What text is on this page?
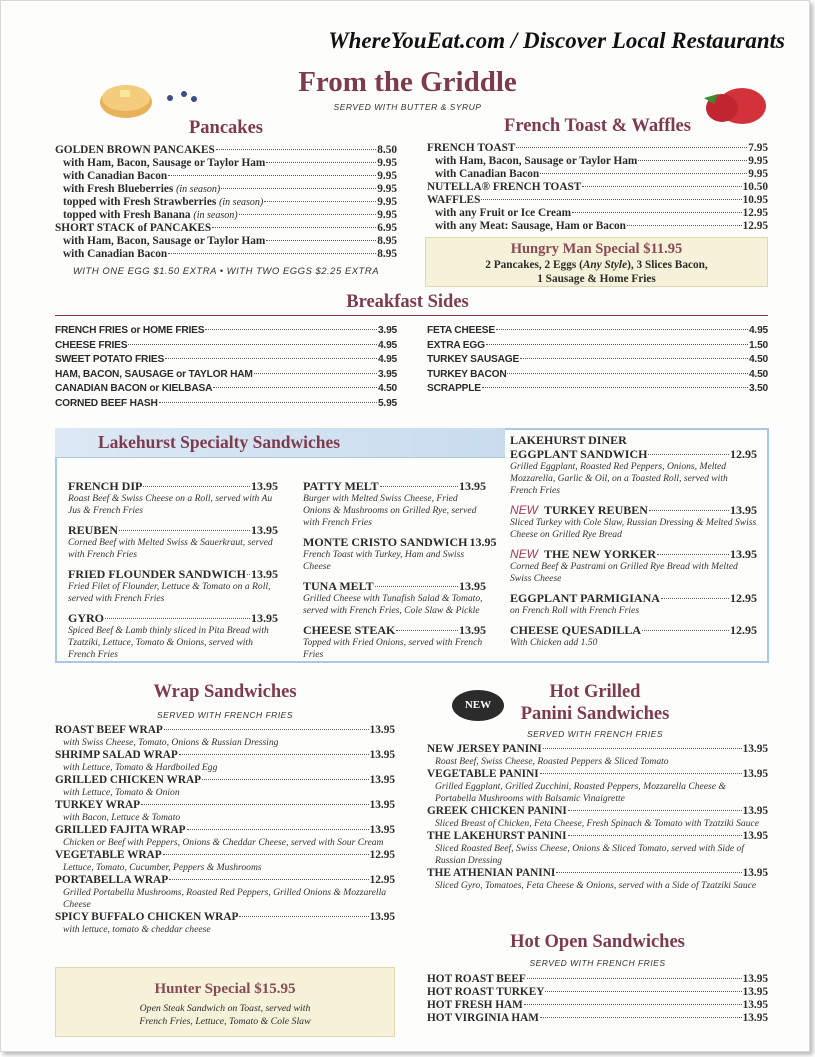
WhereYouEat.com / Discover Local Restaurants
From the Griddle
SERVED WITH BUTTER & SYRUP
Pancakes
GOLDEN BROWN PANCAKES	8.50
with Ham, Bacon, Sausage or Taylor Ham	9.95
with Canadian Bacon	9.95
with Fresh Blueberries (in season)	9.95
topped with Fresh Strawberries (in season)	9.95
topped with Fresh Banana (in season)	9.95
SHORT STACK of PANCAKES	6.95
with Ham, Bacon, Sausage or Taylor Ham	8.95
with Canadian Bacon	8.95
WITH ONE EGG $1.50 EXTRA • WITH TWO EGGS $2.25 EXTRA
French Toast & Waffles
FRENCH TOAST	7.95
with Ham, Bacon, Sausage or Taylor Ham	9.95
with Canadian Bacon	9.95
NUTELLA® FRENCH TOAST	10.50
WAFFLES	10.95
with any Fruit or Ice Cream	12.95
with any Meat: Sausage, Ham or Bacon	12.95
Hungry Man Special $11.95
2 Pancakes, 2 Eggs (Any Style), 3 Slices Bacon,
1 Sausage & Home Fries
Breakfast Sides
FRENCH FRIES or HOME FRIES	3.95
CHEESE FRIES	4.95
SWEET POTATO FRIES	4.95
HAM, BACON, SAUSAGE or TAYLOR HAM	3.95
CANADIAN BACON or KIELBASA	4.50
CORNED BEEF HASH	5.95
FETA CHEESE	4.95
EXTRA EGG	1.50
TURKEY SAUSAGE	4.50
TURKEY BACON	4.50
SCRAPPLE	3.50
Lakehurst Specialty Sandwiches
FRENCH DIP	13.95
Roast Beef & Swiss Cheese on a Roll, served with Au Jus & French Fries
REUBEN	13.95
Corned Beef with Melted Swiss & Sauerkraut, served with French Fries
FRIED FLOUNDER SANDWICH 13.95
Fried Filet of Flounder, Lettuce & Tomato on a Roll, served with French Fries
GYRO	13.95
Spiced Beef & Lamb thinly sliced in Pita Bread with Tzatziki, Lettuce, Tomato & Onions, served with French Fries
PATTY MELT	13.95
Burger with Melted Swiss Cheese, Fried Onions & Mushrooms on Grilled Rye, served with French Fries
MONTE CRISTO SANDWICH 13.95
French Toast with Turkey, Ham and Swiss Cheese
TUNA MELT	13.95
Grilled Cheese with Tunafish Salad & Tomato, served with French Fries, Cole Slaw & Pickle
CHEESE STEAK	13.95
Topped with Fried Onions, served with French Fries
LAKEHURST DINER
EGGPLANT SANDWICH	12.95
Grilled Eggplant, Roasted Red Peppers, Onions, Melted Mozzarella, Garlic & Oil, on a Toasted Roll, served with French Fries
NEW TURKEY REUBEN	13.95
Sliced Turkey with Cole Slaw, Russian Dressing & Melted Swiss Cheese on Grilled Rye Bread
NEW THE NEW YORKER	13.95
Corned Beef & Pastrami on Grilled Rye Bread with Melted Swiss Cheese
EGGPLANT PARMIGIANA	12.95
on French Roll with French Fries
CHEESE QUESADILLA	12.95
With Chicken add 1.50
Wrap Sandwiches
SERVED WITH FRENCH FRIES
ROAST BEEF WRAP	13.95
with Swiss Cheese, Tomato, Onions & Russian Dressing
SHRIMP SALAD WRAP	13.95
with Lettuce, Tomato & Hardboiled Egg
GRILLED CHICKEN WRAP	13.95
with Lettuce, Tomato & Onion
TURKEY WRAP	13.95
with Bacon, Lettuce & Tomato
GRILLED FAJITA WRAP	13.95
Chicken or Beef with Peppers, Onions & Cheddar Cheese, served with Sour Cream
VEGETABLE WRAP	12.95
Lettuce, Tomato, Cucumber, Peppers & Mushrooms
PORTABELLA WRAP	12.95
Grilled Portabella Mushrooms, Roasted Red Peppers, Grilled Onions & Mozzarella Cheese
SPICY BUFFALO CHICKEN WRAP	13.95
with lettuce, tomato & cheddar cheese
Hunter Special $15.95
Open Steak Sandwich on Toast, served with
French Fries, Lettuce, Tomato & Cole Slaw
NEW
Hot Grilled
Panini Sandwiches
SERVED WITH FRENCH FRIES
NEW JERSEY PANINI	13.95
Roast Beef, Swiss Cheese, Roasted Peppers & Sliced Tomato
VEGETABLE PANINI	13.95
Grilled Eggplant, Grilled Zucchini, Roasted Peppers, Mozzarella Cheese & Portabella Mushrooms with Balsamic Vinaigrette
GREEK CHICKEN PANINI	13.95
Sliced Breast of Chicken, Feta Cheese, Fresh Spinach & Tomato with Tzatziki Sauce
THE LAKEHURST PANINI	13.95
Sliced Roasted Beef, Swiss Cheese, Onions & Sliced Tomato, served with Side of Russian Dressing
THE ATHENIAN PANINI	13.95
Sliced Gyro, Tomatoes, Feta Cheese & Onions, served with a Side of Tzatziki Sauce
Hot Open Sandwiches
SERVED WITH FRENCH FRIES
HOT ROAST BEEF	13.95
HOT ROAST TURKEY	13.95
HOT FRESH HAM	13.95
HOT VIRGINIA HAM	13.95
